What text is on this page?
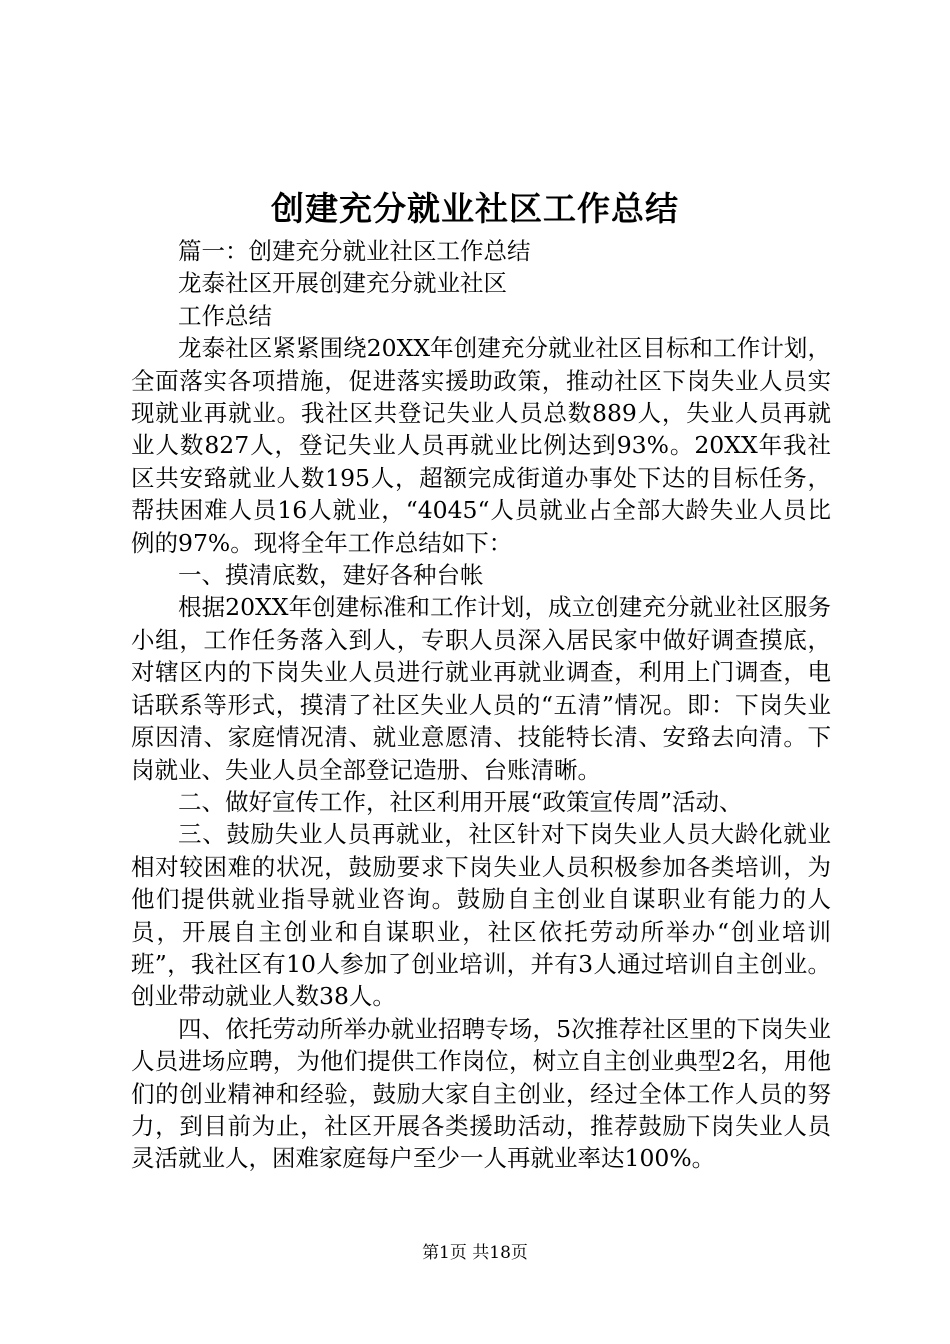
创建充分就业社区工作总结

篇一：创建充分就业社区工作总结

龙泰社区开展创建充分就业社区

工作总结

龙泰社区紧紧围绕20XX年创建充分就业社区目标和工作计划，全面落实各项措施，促进落实援助政策，推动社区下岗失业人员实现就业再就业。我社区共登记失业人员总数889人，失业人员再就业人数827人，登记失业人员再就业比例达到93%。20XX年我社区共安臵就业人数195人，超额完成街道办事处下达的目标任务，帮扶困难人员16人就业，“4045“人员就业占全部大龄失业人员比例的97%。现将全年工作总结如下：

一、摸清底数，建好各种台帐

根据20XX年创建标准和工作计划，成立创建充分就业社区服务小组，工作任务落入到人，专职人员深入居民家中做好调查摸底，对辖区内的下岗失业人员进行就业再就业调查，利用上门调查，电话联系等形式，摸清了社区失业人员的“五清”情况。即：下岗失业原因清、家庭情况清、就业意愿清、技能特长清、安臵去向清。下岗就业、失业人员全部登记造册、台账清晰。

二、做好宣传工作，社区利用开展“政策宣传周”活动、

三、鼓励失业人员再就业，社区针对下岗失业人员大龄化就业相对较困难的状况，鼓励要求下岗失业人员积极参加各类培训，为他们提供就业指导就业咨询。鼓励自主创业自谋职业有能力的人员，开展自主创业和自谋职业，社区依托劳动所举办“创业培训班”，我社区有10人参加了创业培训，并有3人通过培训自主创业。创业带动就业人数38人。

四、依托劳动所举办就业招聘专场，5次推荐社区里的下岗失业人员进场应聘，为他们提供工作岗位，树立自主创业典型2名，用他们的创业精神和经验，鼓励大家自主创业，经过全体工作人员的努力，到目前为止，社区开展各类援助活动，推荐鼓励下岗失业人员灵活就业人，困难家庭每户至少一人再就业率达100%。

第1页 共18页
